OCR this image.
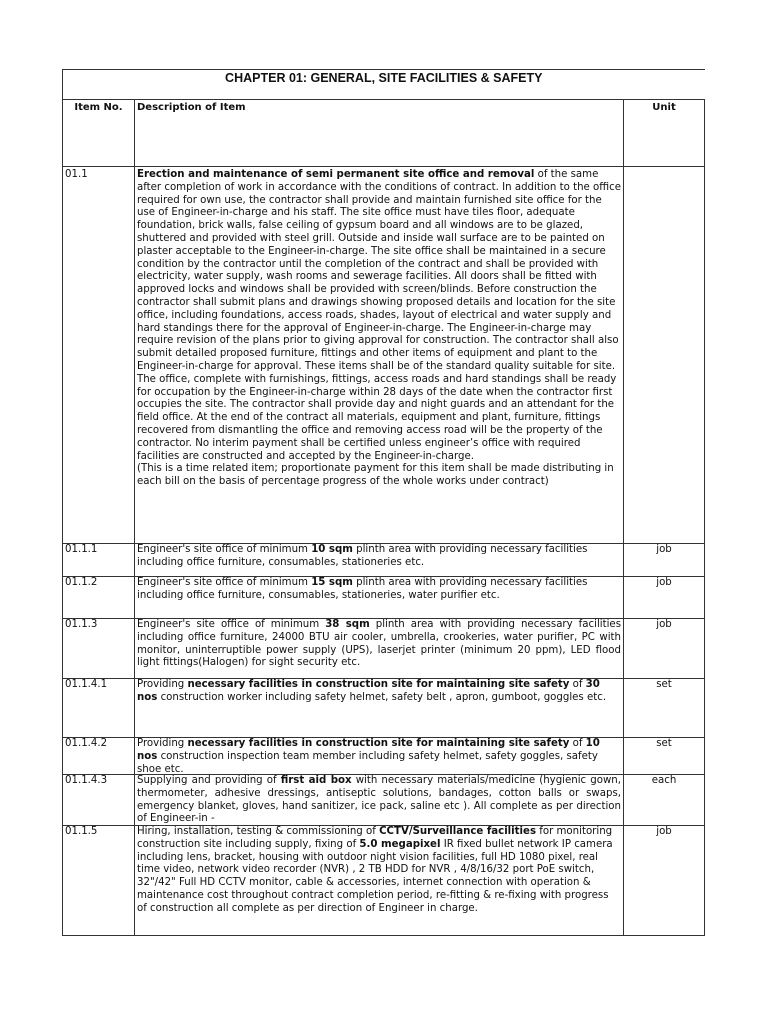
CHAPTER 01: GENERAL, SITE FACILITIES & SAFETY		
Item No.	Description of Item	Unit
01.1	Erection and maintenance of semi permanent site office and removal of the same after completion of work in accordance with the conditions of contract. In addition to the office required for own use, the contractor shall provide and maintain furnished site office for the use of Engineer-in-charge and his staff. The site office must have tiles floor, adequate foundation, brick walls, false ceiling of gypsum board and all windows are to be glazed, shuttered and provided with steel grill. Outside and inside wall surface are to be painted on plaster acceptable to the Engineer-in-charge. The site office shall be maintained in a secure condition by the contractor until the completion of the contract and shall be provided with electricity, water supply, wash rooms and sewerage facilities. All doors shall be fitted with approved locks and windows shall be provided with screen/blinds. Before construction the contractor shall submit plans and drawings showing proposed details and location for the site office, including foundations, access roads, shades, layout of electrical and water supply and hard standings there for the approval of Engineer-in-charge. The Engineer-in-charge may require revision of the plans prior to giving approval for construction. The contractor shall also submit detailed proposed furniture, fittings and other items of equipment and plant to the Engineer-in-charge for approval. These items shall be of the standard quality suitable for site. The office, complete with furnishings, fittings, access roads and hard standings shall be ready for occupation by the Engineer-in-charge within 28 days of the date when the contractor first occupies the site. The contractor shall provide day and night guards and an attendant for the field office. At the end of the contract all materials, equipment and plant, furniture, fittings recovered from dismantling the office and removing access road will be the property of the contractor. No interim payment shall be certified unless engineer’s office with required facilities are constructed and accepted by the Engineer-in-charge.
(This is a time related item; proportionate payment for this item shall be made distributing in each bill on the basis of percentage progress of the whole works under contract)	
01.1.1	Engineer's site office of minimum 10 sqm plinth area with providing necessary facilities including office furniture, consumables, stationeries etc.	job
01.1.2	Engineer's site office of minimum 15 sqm plinth area with providing necessary facilities including office furniture, consumables, stationeries, water purifier etc.	job
01.1.3	Engineer's site office of minimum 38 sqm plinth area with providing necessary facilities including office furniture, 24000 BTU air cooler, umbrella, crookeries, water purifier, PC with monitor, uninterruptible power supply (UPS), laserjet printer (minimum 20 ppm), LED flood light fittings(Halogen) for sight security etc.	job
01.1.4.1	Providing necessary facilities in construction site for maintaining site safety of 30 nos construction worker including safety helmet, safety belt , apron, gumboot, goggles etc.	set
01.1.4.2	Providing necessary facilities in construction site for maintaining site safety of 10 nos construction inspection team member including safety helmet, safety goggles, safety shoe etc.	set
01.1.4.3	Supplying and providing of first aid box with necessary materials/medicine (hygienic gown, thermometer, adhesive dressings, antiseptic solutions, bandages, cotton balls or swaps, emergency blanket, gloves, hand sanitizer, ice pack, saline etc ). All complete as per direction of Engineer-in -	each
01.1.5	Hiring, installation, testing & commissioning of CCTV/Surveillance facilities for monitoring construction site including supply, fixing of 5.0 megapixel IR fixed bullet network IP camera including lens, bracket, housing with outdoor night vision facilities, full HD 1080 pixel, real time video, network video recorder (NVR) , 2 TB HDD for NVR , 4/8/16/32 port PoE switch, 32"/42" Full HD CCTV monitor, cable & accessories, internet connection with operation & maintenance cost throughout contract completion period, re-fitting & re-fixing with progress of construction all complete as per direction of Engineer in charge.	job
